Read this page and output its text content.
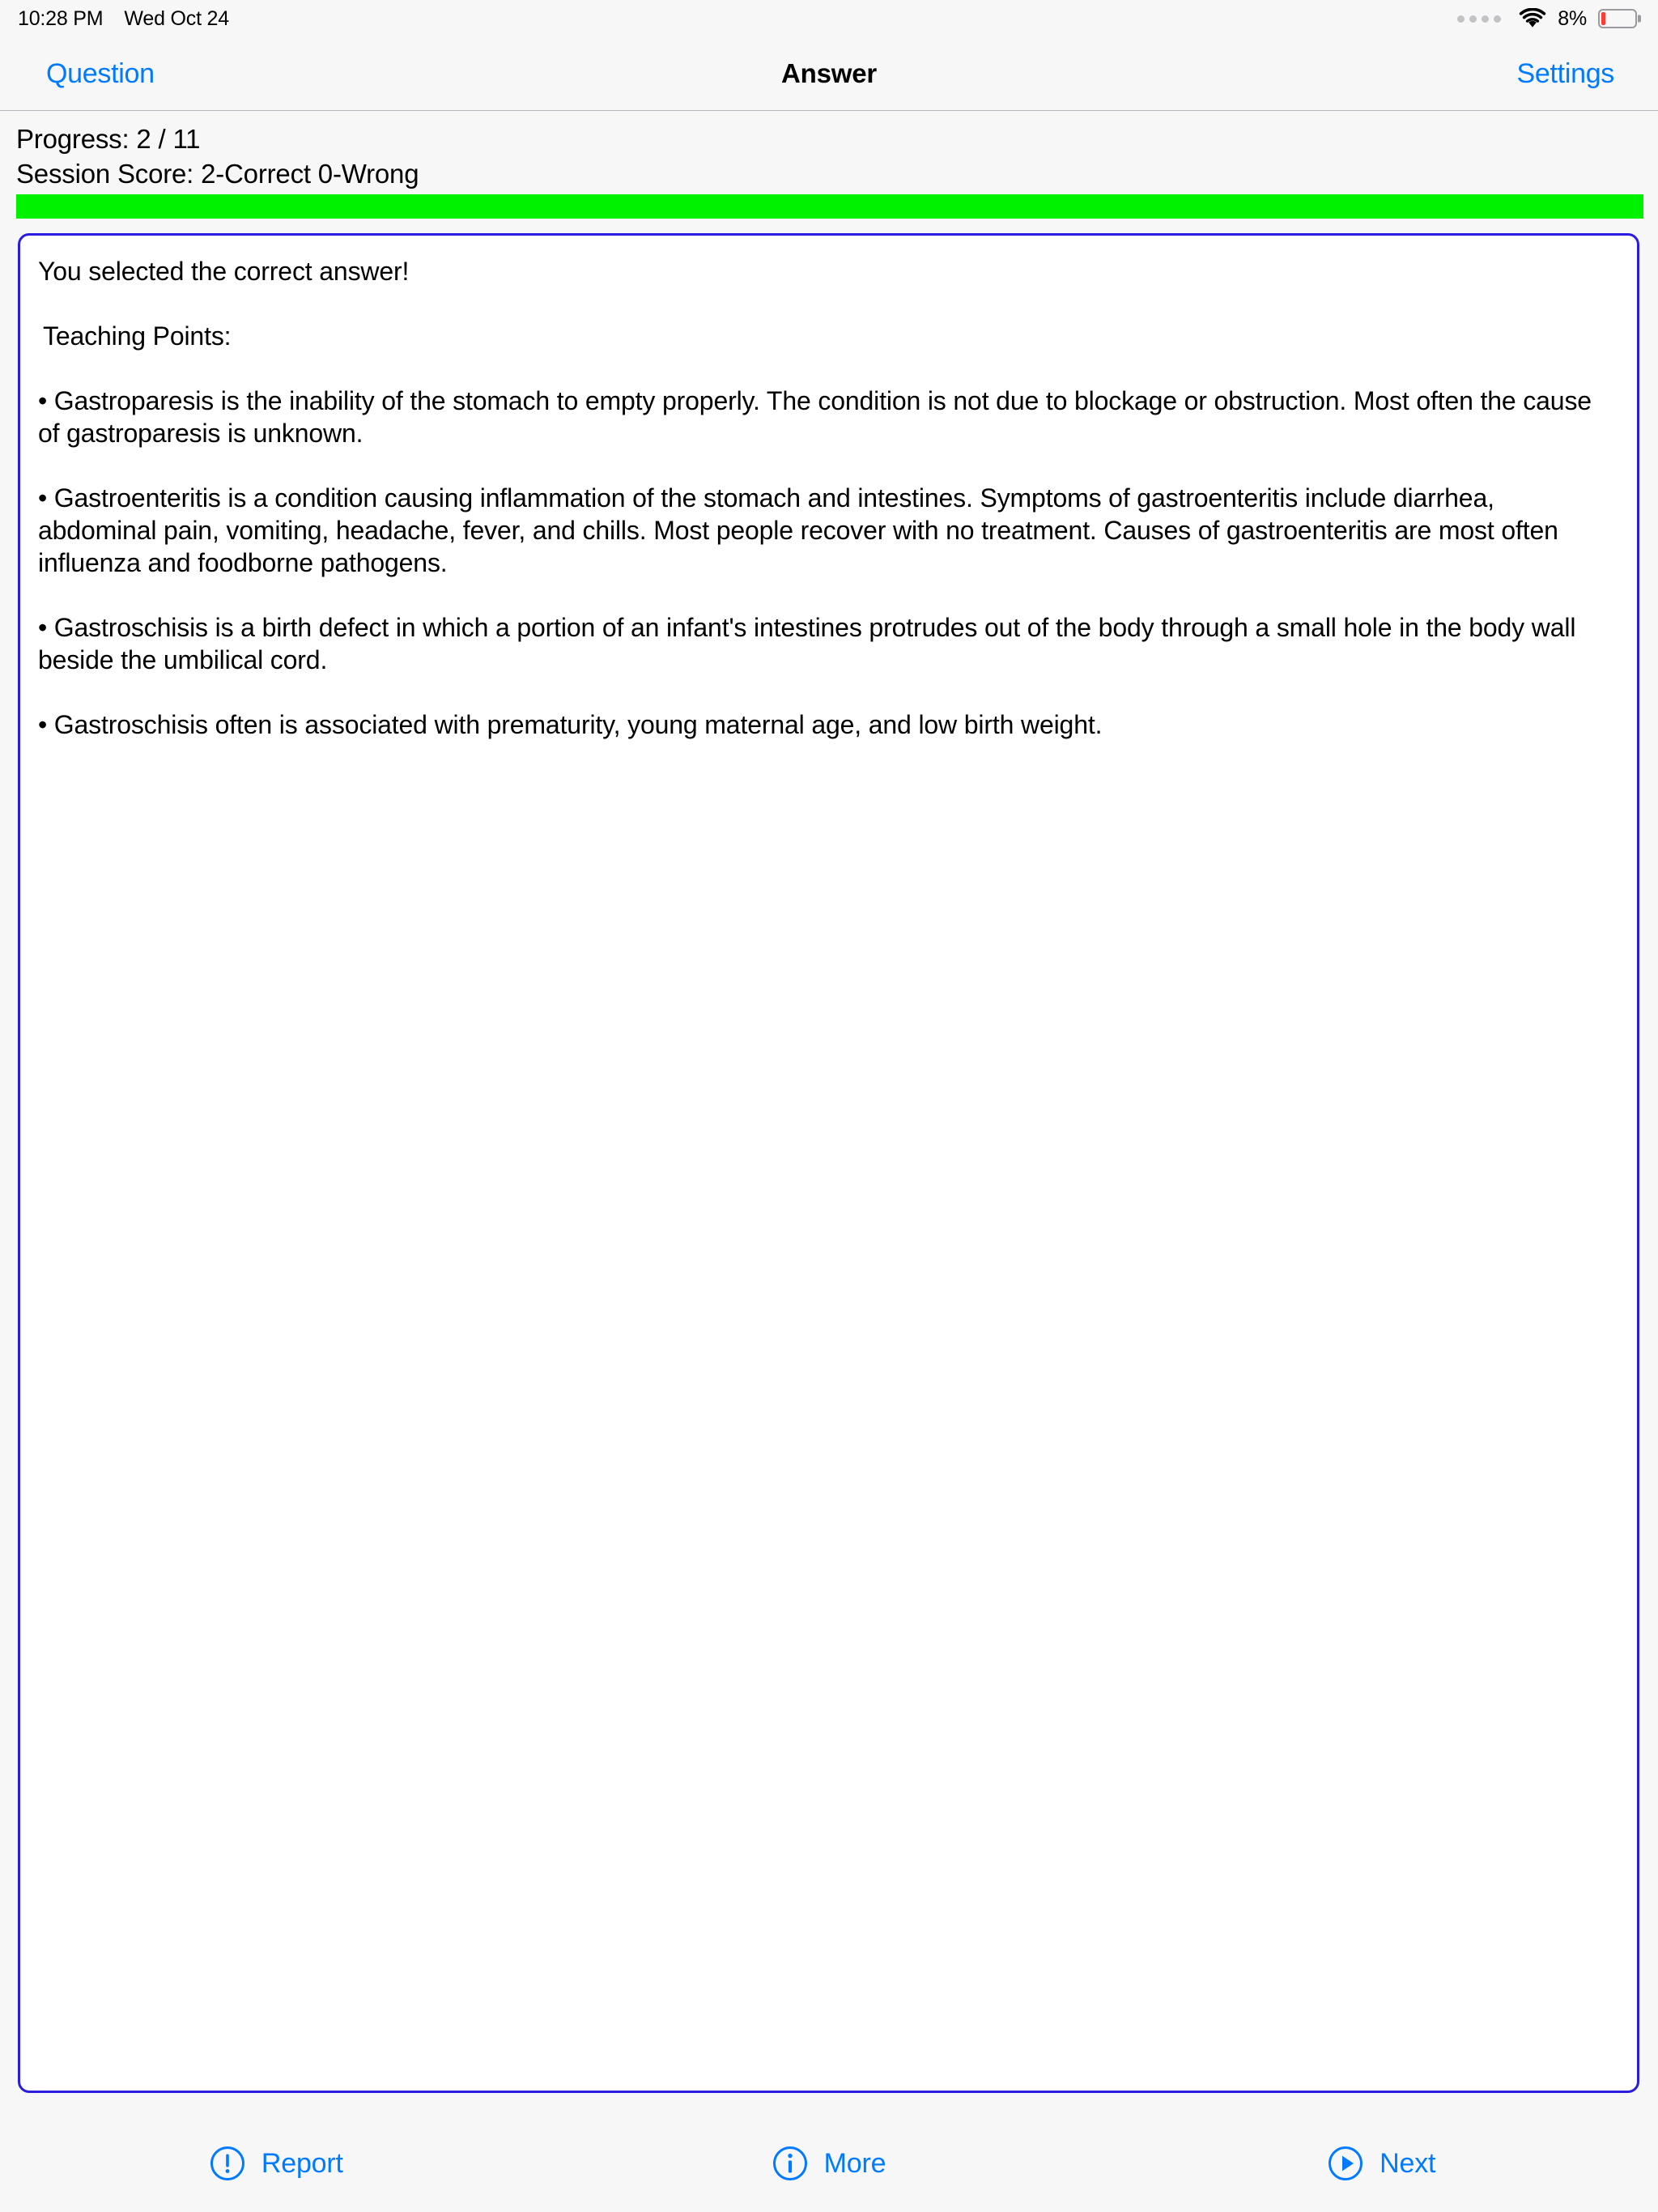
10:28 PM Wed Oct 24	8%
Question	Answer	Settings
Progress: 2 / 11
Session Score: 2-Correct 0-Wrong

You selected the correct answer!

Teaching Points:

• Gastroparesis is the inability of the stomach to empty properly. The condition is not due to blockage or obstruction. Most often the cause of gastroparesis is unknown.

• Gastroenteritis is a condition causing inflammation of the stomach and intestines. Symptoms of gastroenteritis include diarrhea, abdominal pain, vomiting, headache, fever, and chills. Most people recover with no treatment. Causes of gastroenteritis are most often influenza and foodborne pathogens.

• Gastroschisis is a birth defect in which a portion of an infant's intestines protrudes out of the body through a small hole in the body wall beside the umbilical cord.

• Gastroschisis often is associated with prematurity, young maternal age, and low birth weight.

Report	More	Next
